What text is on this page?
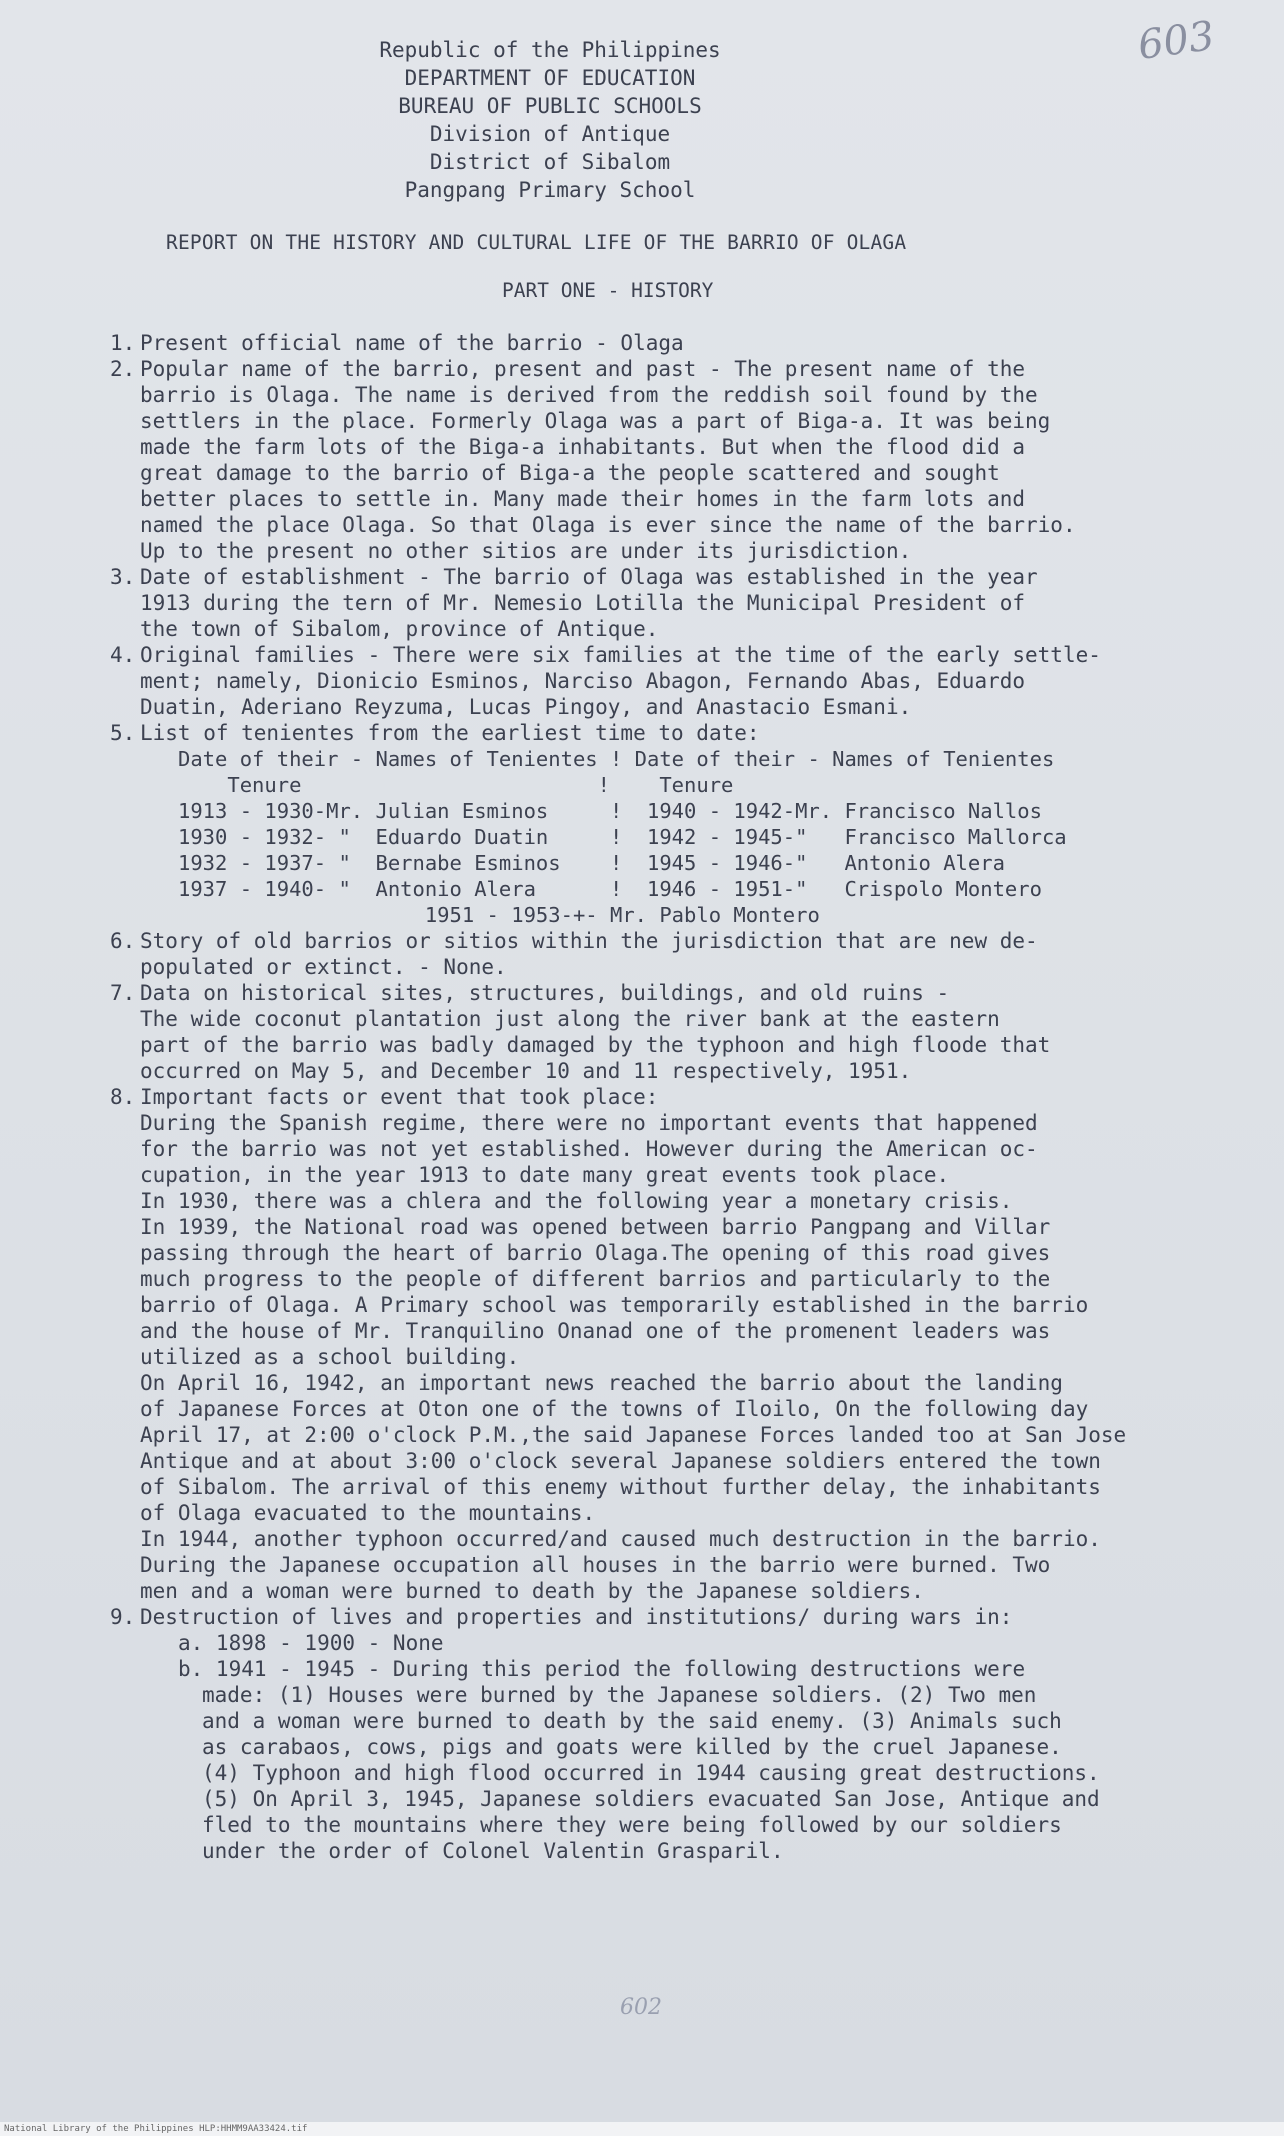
603
Republic of the Philippines
DEPARTMENT OF EDUCATION
BUREAU OF PUBLIC SCHOOLS
Division of Antique
District of Sibalom
Pangpang Primary School
REPORT ON THE HISTORY AND CULTURAL LIFE OF THE BARRIO OF OLAGA
PART ONE - HISTORY
1. Present official name of the barrio - Olaga

2. Popular name of the barrio, present and past - The present name of the

barrio is Olaga. The name is derived from the reddish soil found by the

settlers in the place. Formerly Olaga was a part of Biga-a. It was being

made the farm lots of the Biga-a inhabitants. But when the flood did a

great damage to the barrio of Biga-a the people scattered and sought

better places to settle in. Many made their homes in the farm lots and

named the place Olaga. So that Olaga is ever since the name of the barrio.

Up to the present no other sitios are under its jurisdiction.

3. Date of establishment - The barrio of Olaga was established in the year

1913 during the tern of Mr. Nemesio Lotilla the Municipal President of

the town of Sibalom, province of Antique.

4. Original families - There were six families at the time of the early settle-

ment; namely, Dionicio Esminos, Narciso Abagon, Fernando Abas, Eduardo

Duatin, Aderiano Reyzuma, Lucas Pingoy, and Anastacio Esmani.

5. List of tenientes from the earliest time to date:

Date of their - Names of Tenientes ! Date of their - Names of Tenientes
Tenure                        !    Tenure
1913 - 1930-Mr. Julian Esminos     !  1940 - 1942-Mr. Francisco Nallos
1930 - 1932- "  Eduardo Duatin     !  1942 - 1945-"   Francisco Mallorca
1932 - 1937- "  Bernabe Esminos    !  1945 - 1946-"   Antonio Alera
1937 - 1940- "  Antonio Alera      !  1946 - 1951-"   Crispolo Montero
1951 - 1953-+- Mr. Pablo Montero
6. Story of old barrios or sitios within the jurisdiction that are new de-

populated or extinct. - None.

7. Data on historical sites, structures, buildings, and old ruins -

The wide coconut plantation just along the river bank at the eastern

part of the barrio was badly damaged by the typhoon and high floode that

occurred on May 5, and December 10 and 11 respectively, 1951.

8. Important facts or event that took place:

During the Spanish regime, there were no important events that happened

for the barrio was not yet established. However during the American oc-

cupation, in the year 1913 to date many great events took place.

In 1930, there was a chlera and the following year a monetary crisis.

In 1939, the National road was opened between barrio Pangpang and Villar

passing through the heart of barrio Olaga.The opening of this road gives

much progress to the people of different barrios and particularly to the

barrio of Olaga. A Primary school was temporarily established in the barrio

and the house of Mr. Tranquilino Onanad one of the promenent leaders was

utilized as a school building.

On April 16, 1942, an important news reached the barrio about the landing

of Japanese Forces at Oton one of the towns of Iloilo, On the following day

April 17, at 2:00 o'clock P.M.,the said Japanese Forces landed too at San Jose

Antique and at about 3:00 o'clock several Japanese soldiers entered the town

of Sibalom. The arrival of this enemy without further delay, the inhabitants

of Olaga evacuated to the mountains.

In 1944, another typhoon occurred/and caused much destruction in the barrio.

During the Japanese occupation all houses in the barrio were burned. Two

men and a woman were burned to death by the Japanese soldiers.

9. Destruction of lives and properties and institutions/ during wars in:

a. 1898 - 1900 - None

b. 1941 - 1945 - During this period the following destructions were

made: (1) Houses were burned by the Japanese soldiers. (2) Two men

and a woman were burned to death by the said enemy. (3) Animals such

as carabaos, cows, pigs and goats were killed by the cruel Japanese.

(4) Typhoon and high flood occurred in 1944 causing great destructions.

(5) On April 3, 1945, Japanese soldiers evacuated San Jose, Antique and

fled to the mountains where they were being followed by our soldiers

under the order of Colonel Valentin Grasparil.

602
National Library of the Philippines HLP:HHMM9AA33424.tif
